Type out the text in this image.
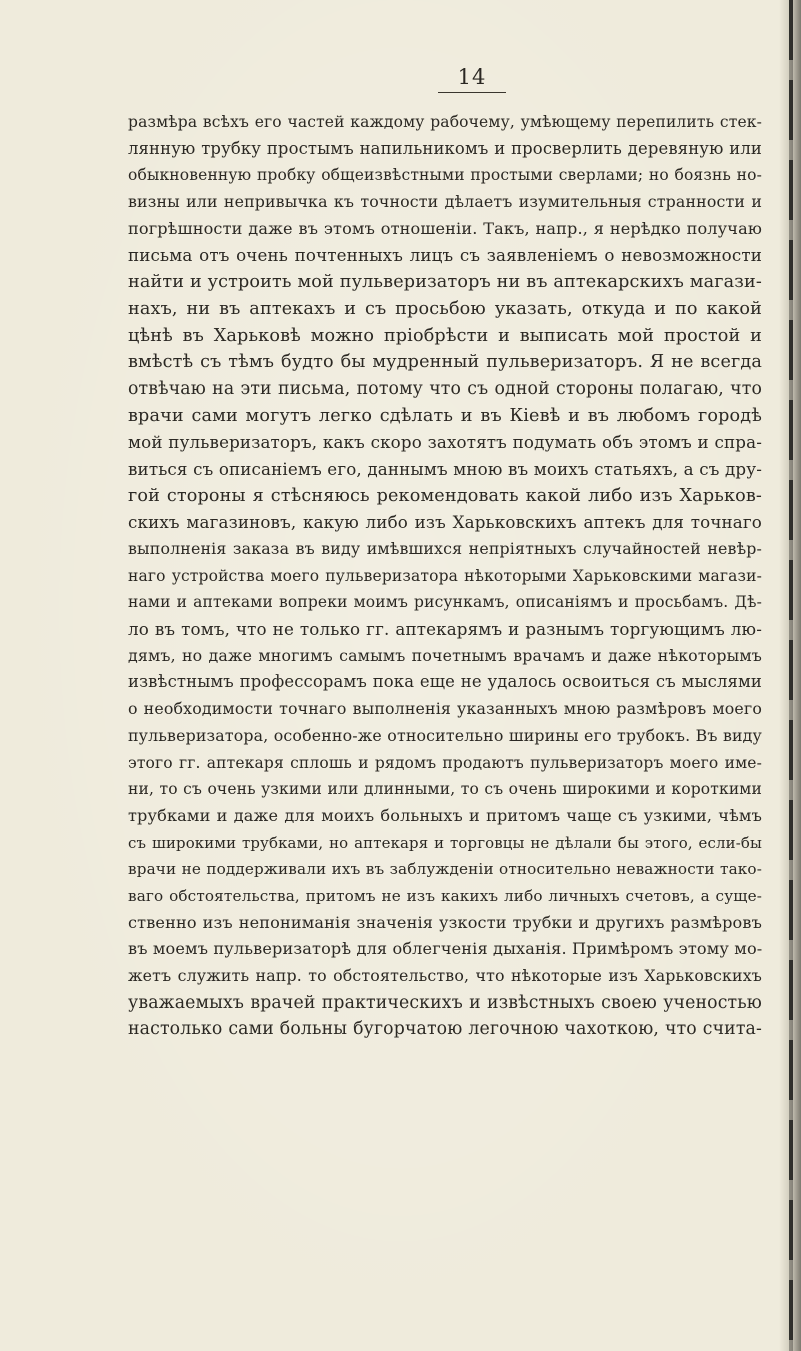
14
размѣра всѣхъ его частей каждому рабочему, умѣющему перепилить стек-
лянную трубку простымъ напильникомъ и просверлить деревяную или
обыкновенную пробку общеизвѣстными простыми сверлами; но боязнь но-
визны или непривычка къ точности дѣлаетъ изумительныя странности и
погрѣшности даже въ этомъ отношеніи. Такъ, напр., я нерѣдко получаю
письма отъ очень почтенныхъ лицъ съ заявленіемъ о невозможности
найти и устроить мой пульверизаторъ ни въ аптекарскихъ магази-
нахъ, ни въ аптекахъ и съ просьбою указать, откуда и по какой
цѣнѣ въ Харьковѣ можно пріобрѣсти и выписать мой простой и
вмѣстѣ съ тѣмъ будто бы мудренный пульверизаторъ. Я не всегда
отвѣчаю на эти письма, потому что съ одной стороны полагаю, что
врачи сами могутъ легко сдѣлать и въ Кіевѣ и въ любомъ городѣ
мой пульверизаторъ, какъ скоро захотятъ подумать объ этомъ и спра-
виться съ описаніемъ его, даннымъ мною въ моихъ статьяхъ, а съ дру-
гой стороны я стѣсняюсь рекомендовать какой либо изъ Харьков-
скихъ магазиновъ, какую либо изъ Харьковскихъ аптекъ для точнаго
выполненія заказа въ виду имѣвшихся непріятныхъ случайностей невѣр-
наго устройства моего пульверизатора нѣкоторыми Харьковскими магази-
нами и аптеками вопреки моимъ рисункамъ, описаніямъ и просьбамъ. Дѣ-
ло въ томъ, что не только гг. аптекарямъ и разнымъ торгующимъ лю-
дямъ, но даже многимъ самымъ почетнымъ врачамъ и даже нѣкоторымъ
извѣстнымъ профессорамъ пока еще не удалось освоиться съ мыслями
о необходимости точнаго выполненія указанныхъ мною размѣровъ моего
пульверизатора, особенно-же относительно ширины его трубокъ. Въ виду
этого гг. аптекаря сплошь и рядомъ продаютъ пульверизаторъ моего име-
ни, то съ очень узкими или длинными, то съ очень широкими и короткими
трубками и даже для моихъ больныхъ и притомъ чаще съ узкими, чѣмъ
съ широкими трубками, но аптекаря и торговцы не дѣлали бы этого, если-бы
врачи не поддерживали ихъ въ заблужденіи относительно неважности тако-
ваго обстоятельства, притомъ не изъ какихъ либо личныхъ счетовъ, а суще-
ственно изъ непониманія значенія узкости трубки и другихъ размѣровъ
въ моемъ пульверизаторѣ для облегченія дыханія. Примѣромъ этому мо-
жетъ служить напр. то обстоятельство, что нѣкоторые изъ Харьковскихъ
уважаемыхъ врачей практическихъ и извѣстныхъ своею ученостью
настолько сами больны бугорчатою легочною чахоткою, что счита-
